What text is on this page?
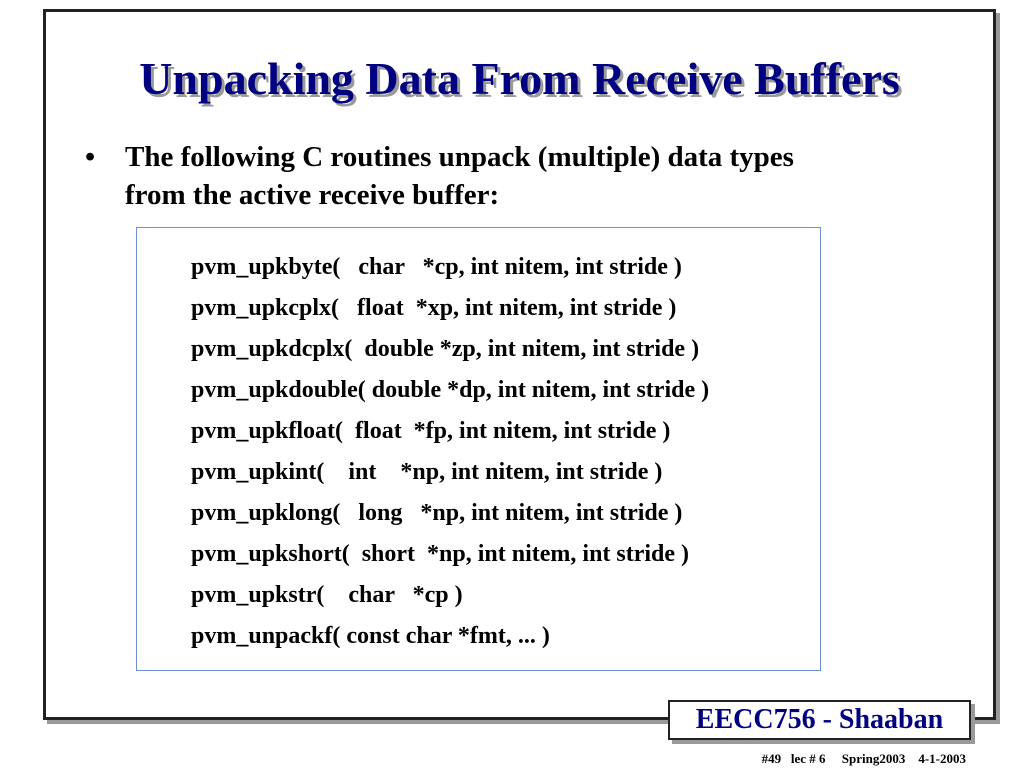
Unpacking Data From Receive Buffers
•	The following C routines unpack (multiple) data types
from the active receive buffer:
pvm_upkbyte(   char   *cp, int nitem, int stride )
pvm_upkcplx(   float  *xp, int nitem, int stride )
pvm_upkdcplx(  double *zp, int nitem, int stride )
pvm_upkdouble( double *dp, int nitem, int stride )
pvm_upkfloat(  float  *fp, int nitem, int stride )
pvm_upkint(    int    *np, int nitem, int stride )
pvm_upklong(   long   *np, int nitem, int stride )
pvm_upkshort(  short  *np, int nitem, int stride )
pvm_upkstr(    char   *cp )
pvm_unpackf( const char *fmt, ... )
EECC756 - Shaaban
#49   lec # 6     Spring2003    4-1-2003
